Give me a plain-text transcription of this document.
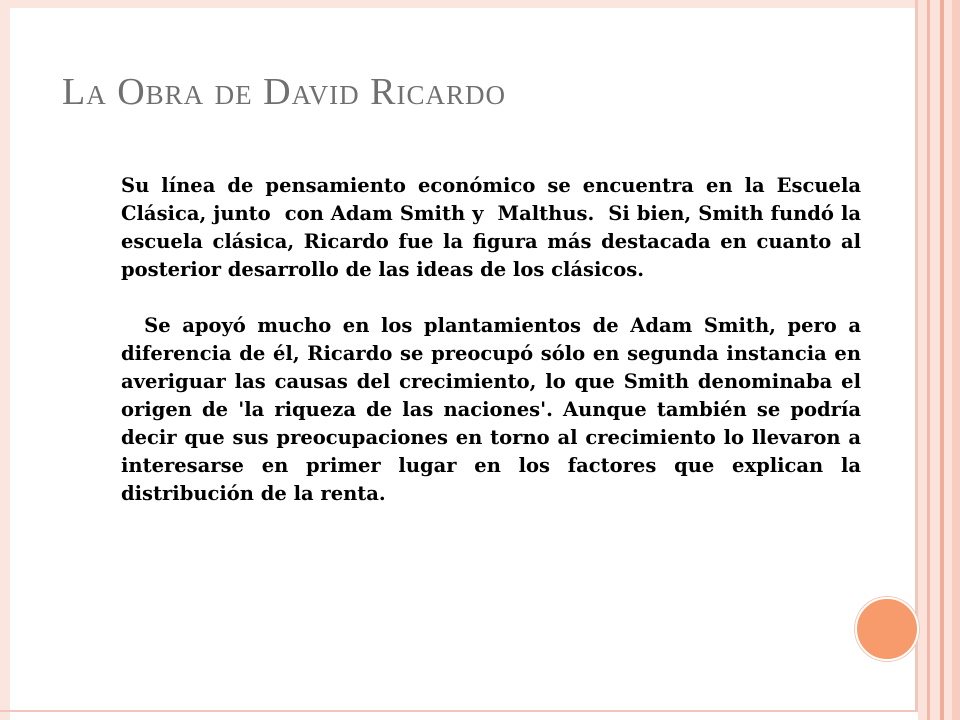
La Obra de David Ricardo

Su línea de pensamiento económico se encuentra en la Escuela Clásica, junto  con Adam Smith y  Malthus.  Si bien, Smith fundó la escuela clásica, Ricardo fue la figura más destacada en cuanto al posterior desarrollo de las ideas de los clásicos.

Se apoyó mucho en los plantamientos de Adam Smith, pero a diferencia de él, Ricardo se preocupó sólo en segunda instancia en averiguar las causas del crecimiento, lo que Smith denominaba el origen de 'la riqueza de las naciones'. Aunque también se podría decir que sus preocupaciones en torno al crecimiento lo llevaron a interesarse en primer lugar en los factores que explican la distribución de la renta.
